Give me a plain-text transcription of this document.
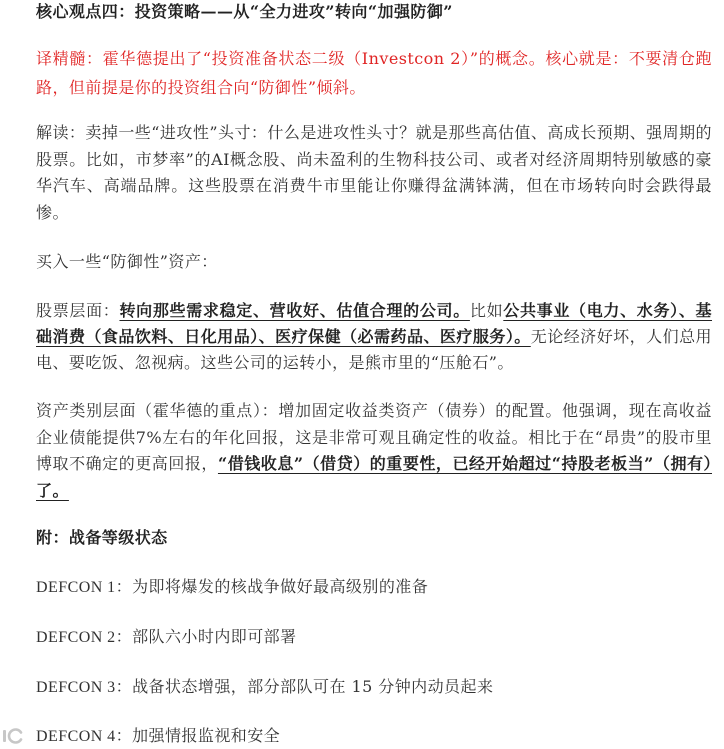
核心观点四：投资策略——从“全力进攻”转向“加强防御”

译精髓：霍华德提出了“投资准备状态二级（Investcon 2）”的概念。核心就是：不要清仓跑路，但前提是你的投资组合向“防御性”倾斜。

解读：卖掉一些“进攻性”头寸：什么是进攻性头寸？就是那些高估值、高成长预期、强周期的股票。比如，市梦率”的AI概念股、尚未盈利的生物科技公司、或者对经济周期特别敏感的豪华汽车、高端品牌。这些股票在消费牛市里能让你赚得盆满钵满，但在市场转向时会跌得最惨。

买入一些“防御性”资产：

股票层面：转向那些需求稳定、营收好、估值合理的公司。比如公共事业（电力、水务）、基础消费（食品饮料、日化用品）、医疗保健（必需药品、医疗服务）。无论经济好坏，人们总用电、要吃饭、忽视病。这些公司的运转小，是熊市里的“压舱石”。

资产类别层面（霍华德的重点）：增加固定收益类资产（债券）的配置。他强调，现在高收益企业债能提供7%左右的年化回报，这是非常可观且确定性的收益。相比于在“昂贵”的股市里博取不确定的更高回报，“借钱收息”（借贷）的重要性，已经开始超过“持股老板当”（拥有）了。

附：战备等级状态

DEFCON 1：为即将爆发的核战争做好最高级别的准备

DEFCON 2：部队六小时内即可部署

DEFCON 3：战备状态增强，部分部队可在 15 分钟内动员起来

DEFCON 4：加强情报监视和安全
